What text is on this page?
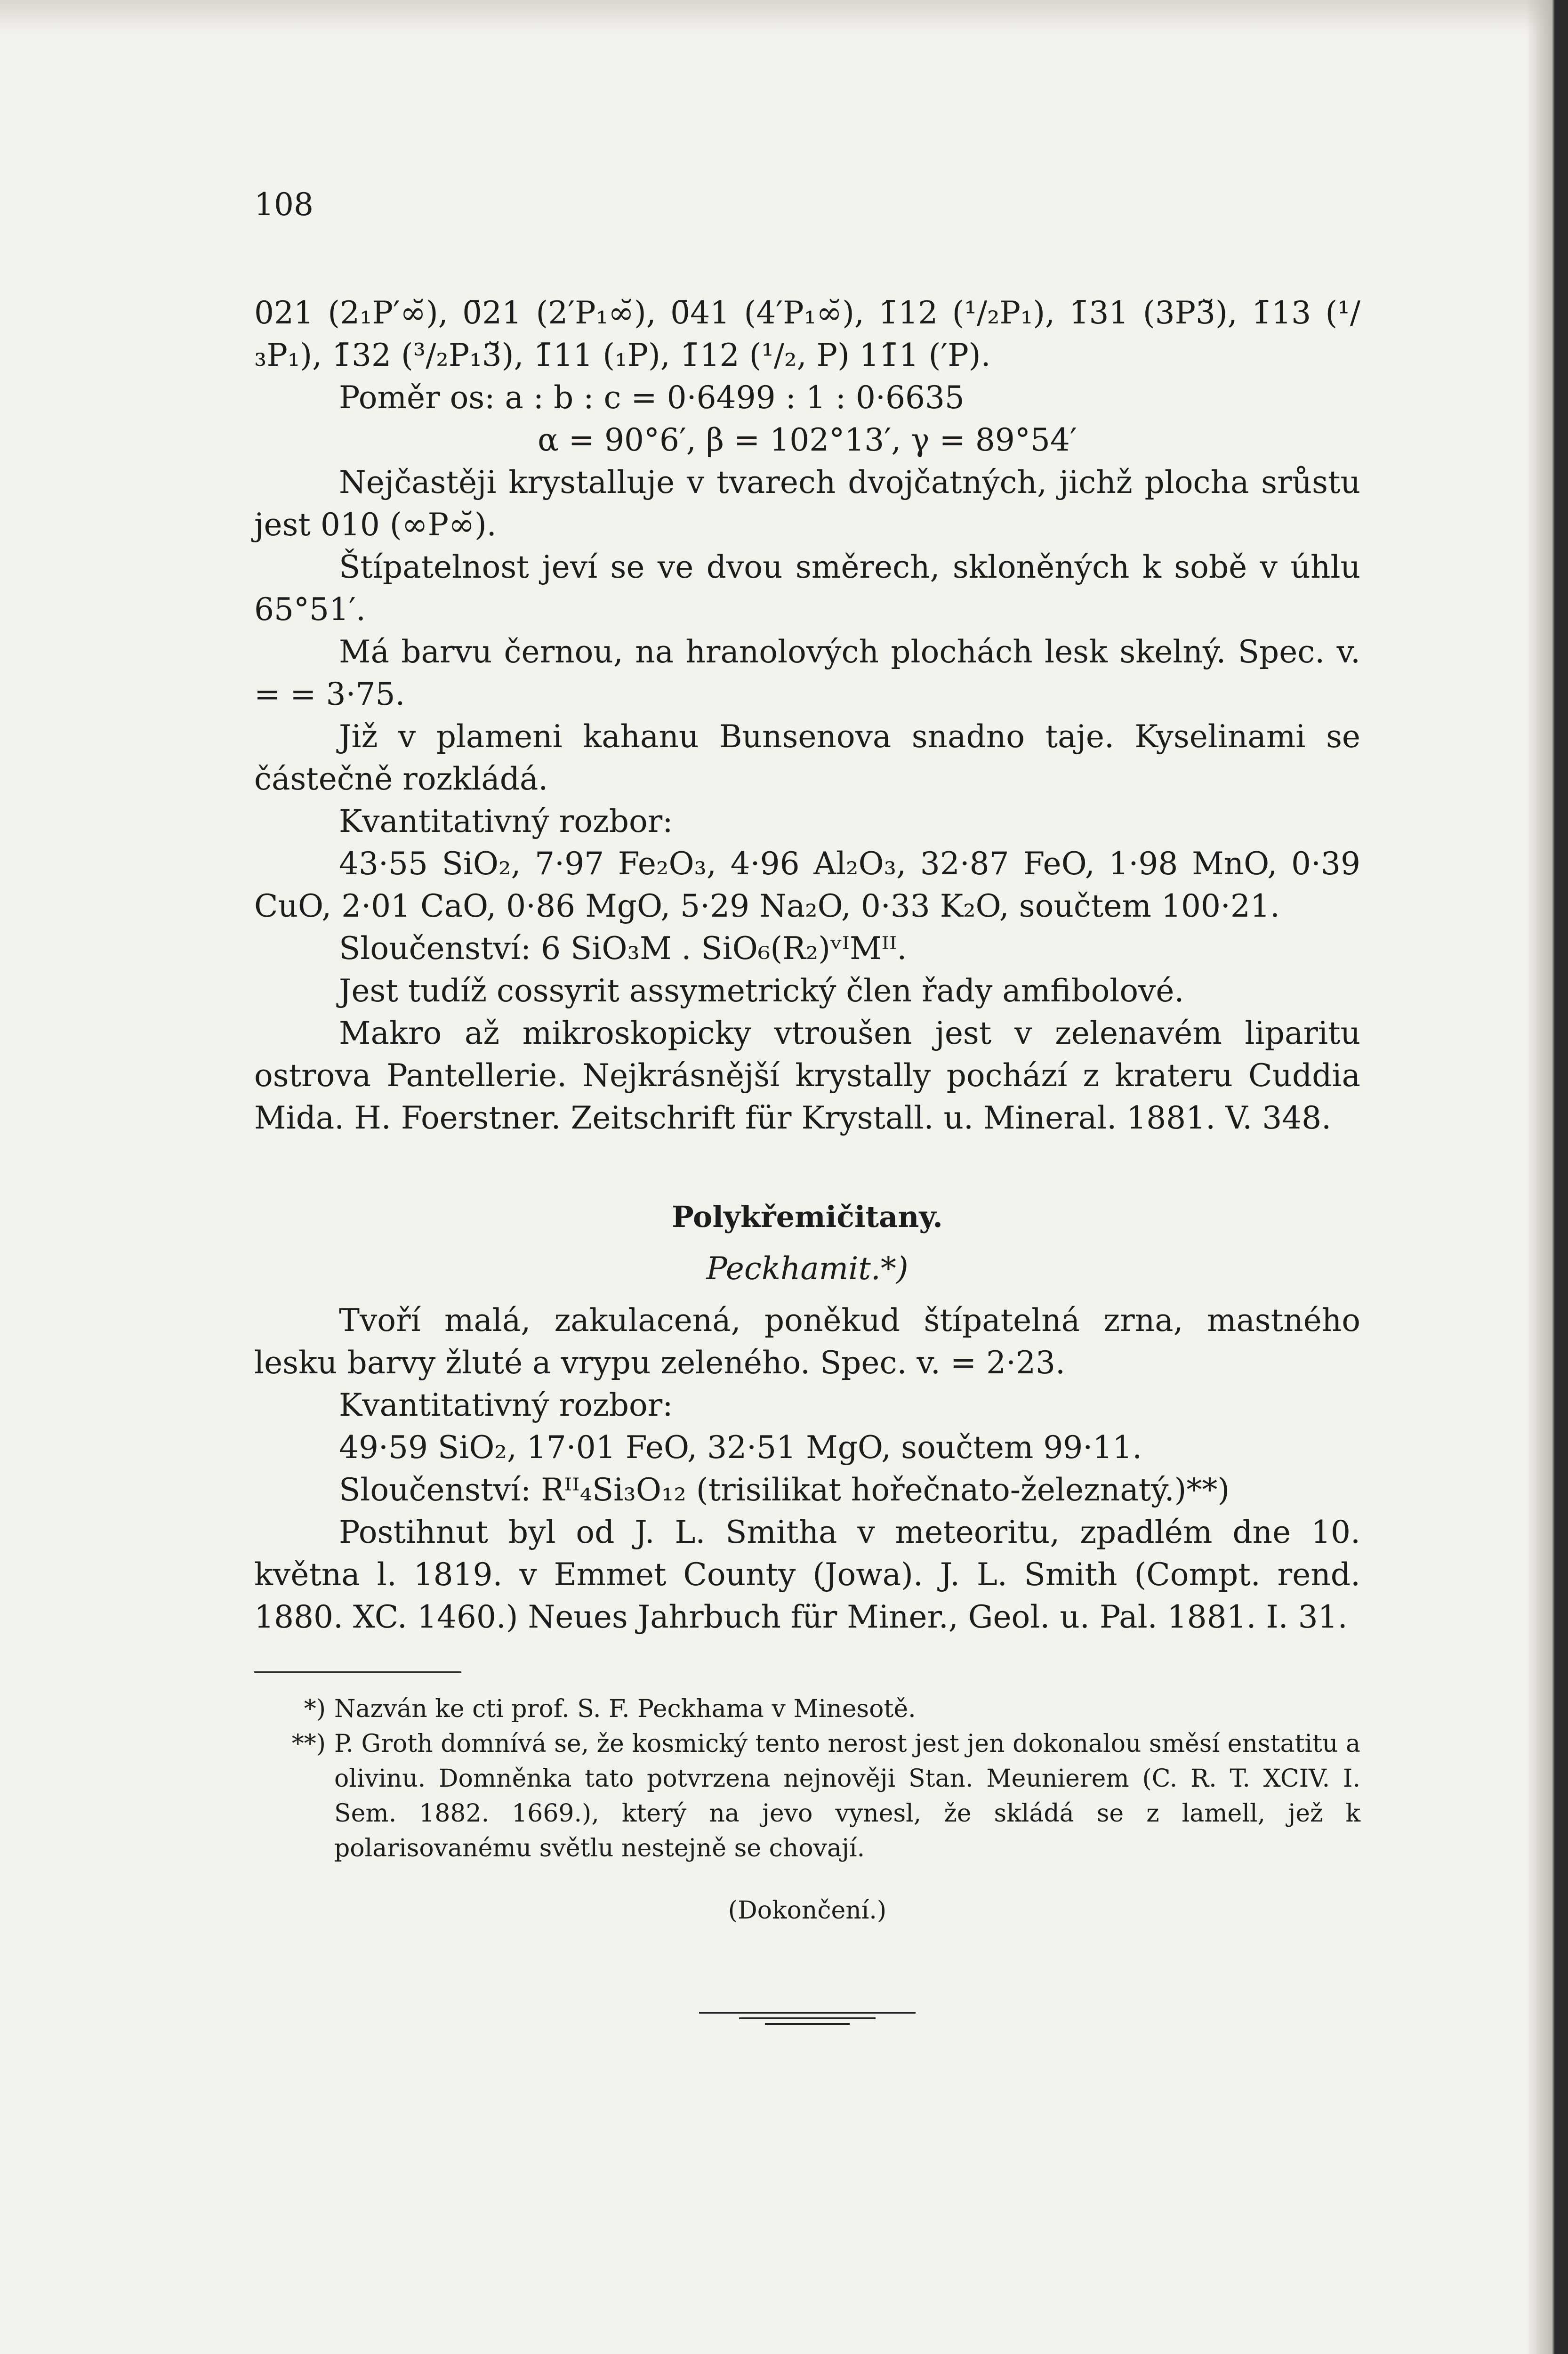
108

021 (2₁P′∞̆), 0̄21 (2′P₁∞̆), 0̄41 (4′P₁∞̆), 1̄12 (¹/₂P₁), 1̄31 (3P3̆), 1̄13 (¹/₃P₁), 1̄32 (³/₂P₁3̆), 1̄11 (₁P), 1̄12 (¹/₂, P) 11̄1 (′P).

Poměr os: a : b : c = 0·6499 : 1 : 0·6635

α = 90°6′, β = 102°13′, γ = 89°54′

Nejčastěji krystalluje v tvarech dvojčatných, jichž plocha srůstu jest 010 (∞P∞̆).

Štípatelnost jeví se ve dvou směrech, skloněných k sobě v úhlu 65°51′.

Má barvu černou, na hranolových plochách lesk skelný. Spec. v. = = 3·75.

Již v plameni kahanu Bunsenova snadno taje. Kyselinami se částečně rozkládá.

Kvantitativný rozbor:

43·55 SiO₂, 7·97 Fe₂O₃, 4·96 Al₂O₃, 32·87 FeO, 1·98 MnO, 0·39 CuO, 2·01 CaO, 0·86 MgO, 5·29 Na₂O, 0·33 K₂O, součtem 100·21.

Sloučenství: 6 SiO₃M . SiO₆(R₂)ᵛᴵMᴵᴵ.

Jest tudíž cossyrit assymetrický člen řady amfibolové.

Makro až mikroskopicky vtroušen jest v zelenavém liparitu ostrova Pantellerie. Nejkrásnější krystally pochází z krateru Cuddia Mida. H. Foerstner. Zeitschrift für Krystall. u. Mineral. 1881. V. 348.

Polykřemičitany.
Peckhamit.*)

Tvoří malá, zakulacená, poněkud štípatelná zrna, mastného lesku barvy žluté a vrypu zeleného. Spec. v. = 2·23.

Kvantitativný rozbor:

49·59 SiO₂, 17·01 FeO, 32·51 MgO, součtem 99·11.

Sloučenství: Rᴵᴵ₄Si₃O₁₂ (trisilikat hořečnato-železnatý.)**)

Postihnut byl od J. L. Smitha v meteoritu, zpadlém dne 10. května l. 1819. v Emmet County (Jowa). J. L. Smith (Compt. rend. 1880. XC. 1460.) Neues Jahrbuch für Miner., Geol. u. Pal. 1881. I. 31.

*) Nazván ke cti prof. S. F. Peckhama v Minesotě.
**) P. Groth domnívá se, že kosmický tento nerost jest jen dokonalou směsí enstatitu a olivinu. Domněnka tato potvrzena nejnověji Stan. Meunierem (C. R. T. XCIV. I. Sem. 1882. 1669.), který na jevo vynesl, že skládá se z lamell, jež k polarisovanému světlu nestejně se chovají.
(Dokončení.)
